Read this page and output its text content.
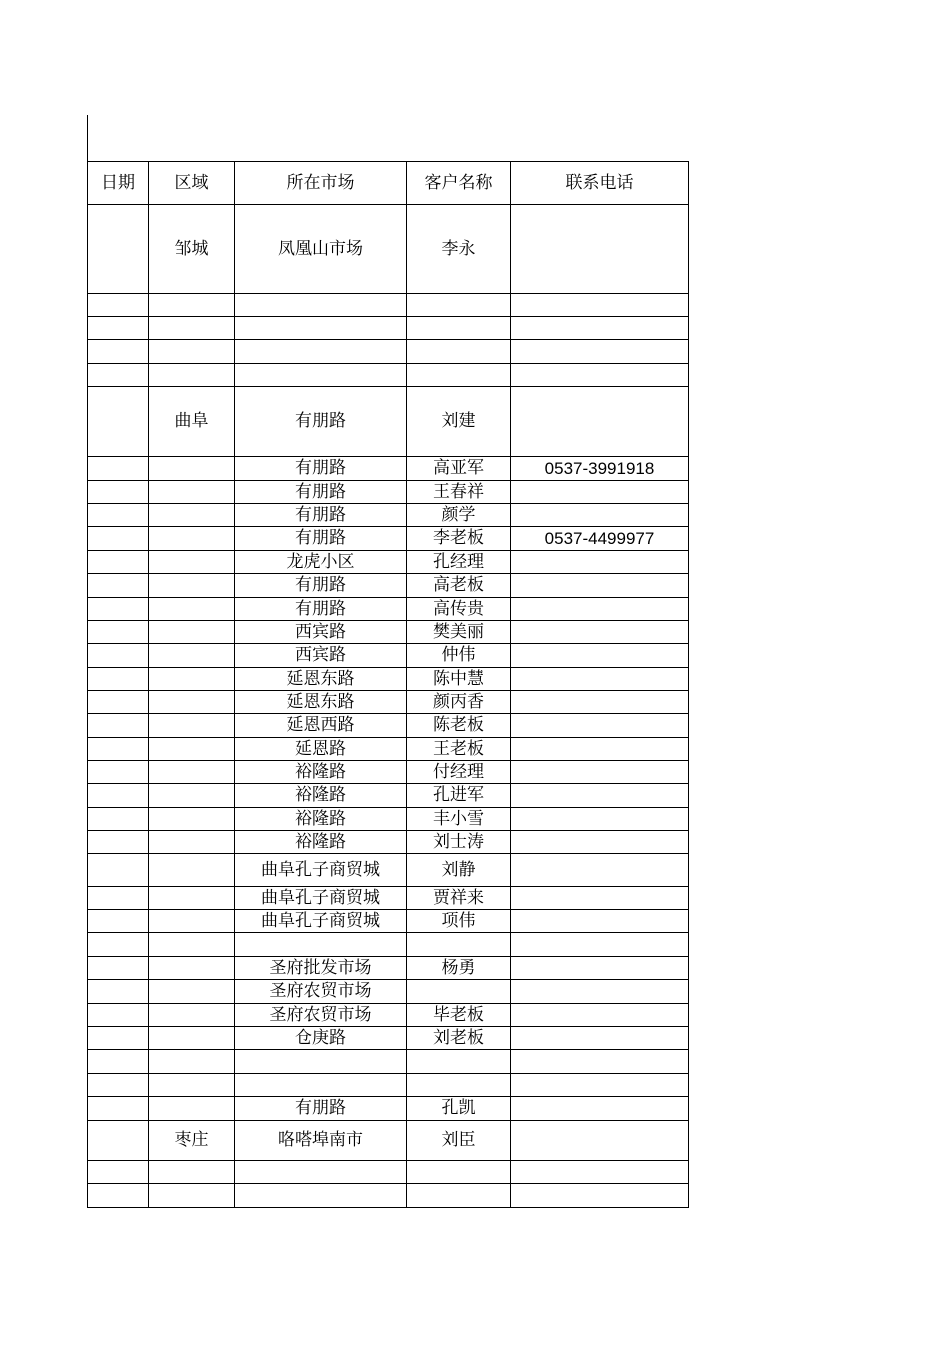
日期	区域	所在市场	客户名称	联系电话
	邹城	凤凰山市场	李永	

	曲阜	有朋路	刘建	
		有朋路	高亚军	0537-3991918
		有朋路	王春祥	
		有朋路	颜学	
		有朋路	李老板	0537-4499977
		龙虎小区	孔经理	
		有朋路	高老板	
		有朋路	高传贵	
		西宾路	樊美丽	
		西宾路	仲伟	
		延恩东路	陈中慧	
		延恩东路	颜丙香	
		延恩西路	陈老板	
		延恩路	王老板	
		裕隆路	付经理	
		裕隆路	孔进军	
		裕隆路	丰小雪	
		裕隆路	刘士涛	
		曲阜孔子商贸城	刘静	
		曲阜孔子商贸城	贾祥来	
		曲阜孔子商贸城	项伟	

		圣府批发市场	杨勇	
		圣府农贸市场		
		圣府农贸市场	毕老板	
		仓庚路	刘老板	

		有朋路	孔凯	
	枣庄	咯嗒埠南市	刘臣	
